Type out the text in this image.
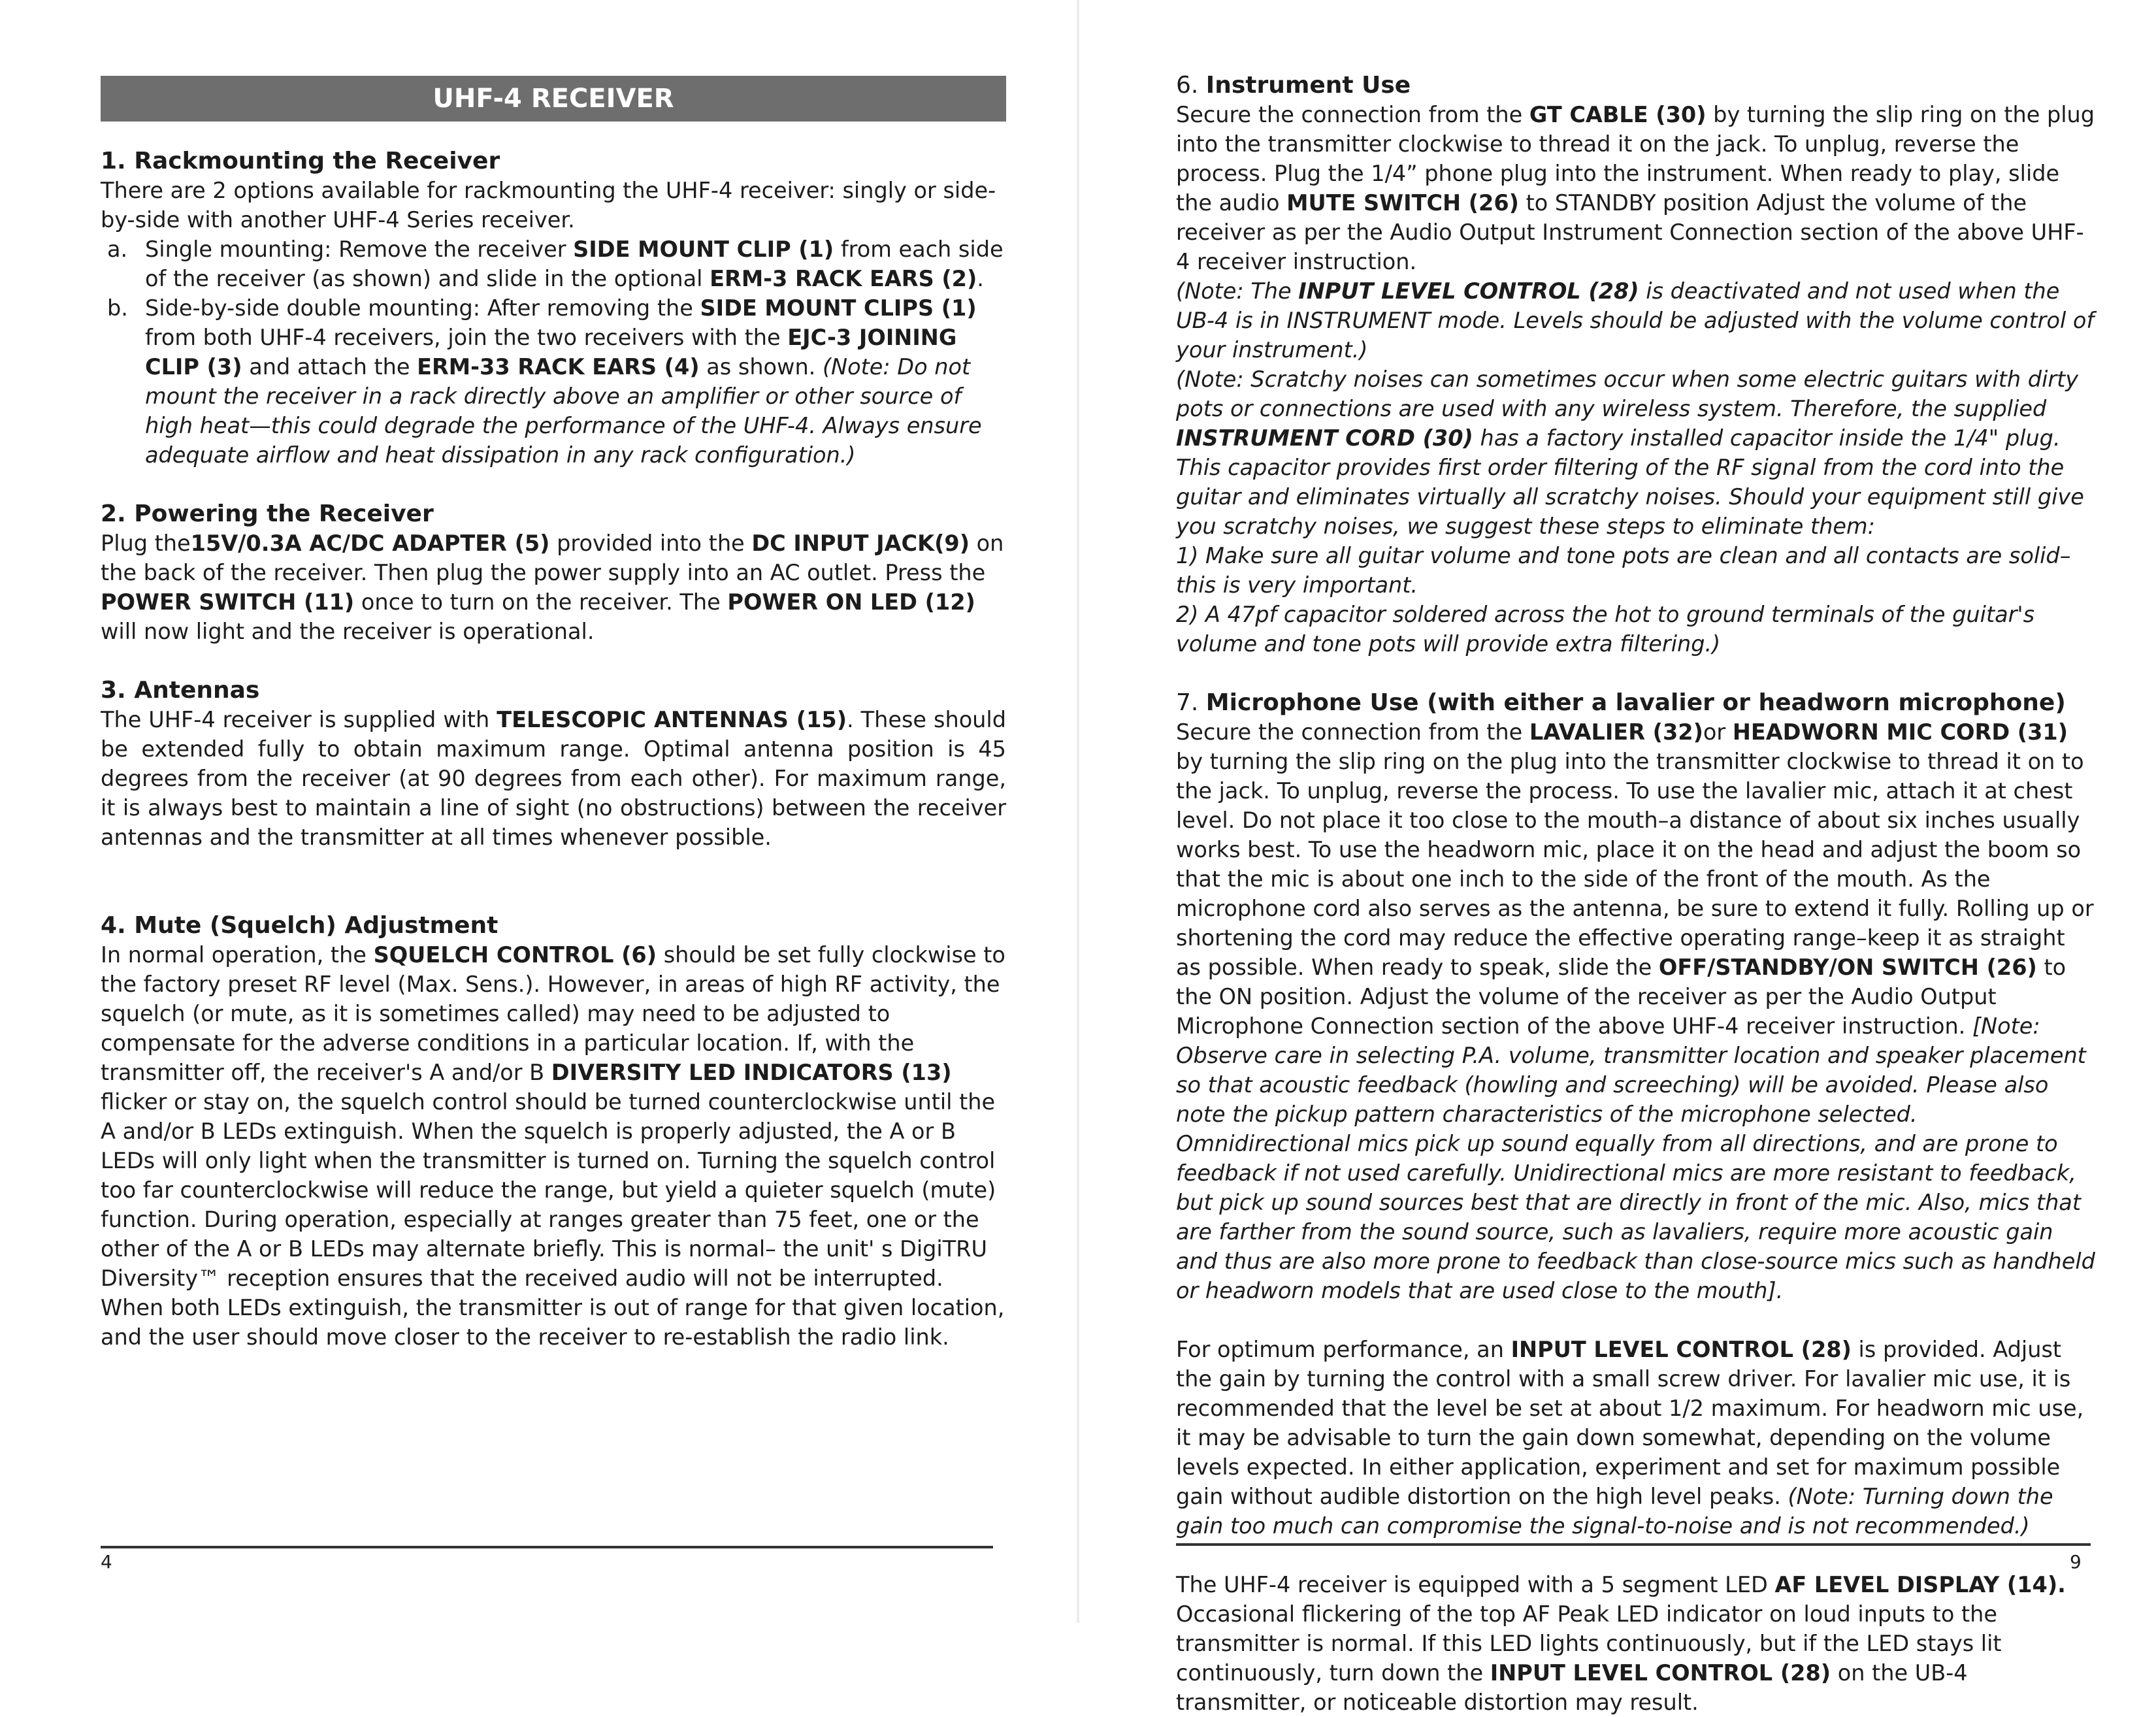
UHF-4 RECEIVER
1. Rackmounting the Receiver

There are 2 options available for rackmounting the UHF-4 receiver: singly or side-by-side with another UHF-4 Series receiver.

a. Single mounting: Remove the receiver SIDE MOUNT CLIP (1) from each side of the receiver (as shown) and slide in the optional ERM-3 RACK EARS (2).
b. Side-by-side double mounting: After removing the SIDE MOUNT CLIPS (1) from both UHF-4 receivers, join the two receivers with the EJC-3 JOINING CLIP (3) and attach the ERM-33 RACK EARS (4) as shown. (Note: Do not mount the receiver in a rack directly above an amplifier or other source of high heat—this could degrade the performance of the UHF-4. Always ensure adequate airflow and heat dissipation in any rack configuration.)
2. Powering the Receiver

Plug the15V/0.3A AC/DC ADAPTER (5) provided into the DC INPUT JACK(9) on the back of the receiver. Then plug the power supply into an AC outlet. Press the POWER SWITCH (11) once to turn on the receiver. The POWER ON LED (12) will now light and the receiver is operational.

3. Antennas

The UHF-4 receiver is supplied with TELESCOPIC ANTENNAS (15). These should be extended fully to obtain maximum range. Optimal antenna position is 45 degrees from the receiver (at 90 degrees from each other). For maximum range, it is always best to maintain a line of sight (no obstructions) between the receiver antennas and the transmitter at all times whenever possible.

4. Mute (Squelch) Adjustment

In normal operation, the SQUELCH CONTROL (6) should be set fully clockwise to the factory preset RF level (Max. Sens.). However, in areas of high RF activity, the squelch (or mute, as it is sometimes called) may need to be adjusted to compensate for the adverse conditions in a particular location. If, with the transmitter off, the receiver's A and/or B DIVERSITY LED INDICATORS (13) flicker or stay on, the squelch control should be turned counterclockwise until the A and/or B LEDs extinguish. When the squelch is properly adjusted, the A or B LEDs will only light when the transmitter is turned on. Turning the squelch control too far counterclockwise will reduce the range, but yield a quieter squelch (mute) function. During operation, especially at ranges greater than 75 feet, one or the other of the A or B LEDs may alternate briefly. This is normal– the unit' s DigiTRU Diversity™ reception ensures that the received audio will not be interrupted. When both LEDs extinguish, the transmitter is out of range for that given location, and the user should move closer to the receiver to re-establish the radio link.

4
6. Instrument Use

Secure the connection from the GT CABLE (30) by turning the slip ring on the plug into the transmitter clockwise to thread it on the jack. To unplug, reverse the process. Plug the 1/4” phone plug into the instrument. When ready to play, slide the audio MUTE SWITCH (26) to STANDBY position Adjust the volume of the receiver as per the Audio Output Instrument Connection section of the above UHF-4 receiver instruction.

(Note: The INPUT LEVEL CONTROL (28) is deactivated and not used when the UB-4 is in INSTRUMENT mode. Levels should be adjusted with the volume control of your instrument.)

(Note: Scratchy noises can sometimes occur when some electric guitars with dirty pots or connections are used with any wireless system. Therefore, the supplied INSTRUMENT CORD (30) has a factory installed capacitor inside the 1/4" plug. This capacitor provides first order filtering of the RF signal from the cord into the guitar and eliminates virtually all scratchy noises. Should your equipment still give you scratchy noises, we suggest these steps to eliminate them:

1) Make sure all guitar volume and tone pots are clean and all contacts are solid–this is very important.

2) A 47pf capacitor soldered across the hot to ground terminals of the guitar's volume and tone pots will provide extra filtering.)

7. Microphone Use (with either a lavalier or headworn microphone)

Secure the connection from the LAVALIER (32)or HEADWORN MIC CORD (31) by turning the slip ring on the plug into the transmitter clockwise to thread it on to the jack. To unplug, reverse the process. To use the lavalier mic, attach it at chest level. Do not place it too close to the mouth–a distance of about six inches usually works best. To use the headworn mic, place it on the head and adjust the boom so that the mic is about one inch to the side of the front of the mouth. As the microphone cord also serves as the antenna, be sure to extend it fully. Rolling up or shortening the cord may reduce the effective operating range–keep it as straight as possible. When ready to speak, slide the OFF/STANDBY/ON SWITCH (26) to the ON position. Adjust the volume of the receiver as per the Audio Output Microphone Connection section of the above UHF-4 receiver instruction. [Note: Observe care in selecting P.A. volume, transmitter location and speaker placement so that acoustic feedback (howling and screeching) will be avoided. Please also note the pickup pattern characteristics of the microphone selected. Omnidirectional mics pick up sound equally from all directions, and are prone to feedback if not used carefully. Unidirectional mics are more resistant to feedback, but pick up sound sources best that are directly in front of the mic. Also, mics that are farther from the sound source, such as lavaliers, require more acoustic gain and thus are also more prone to feedback than close-source mics such as handheld or headworn models that are used close to the mouth].

For optimum performance, an INPUT LEVEL CONTROL (28) is provided. Adjust the gain by turning the control with a small screw driver. For lavalier mic use, it is recommended that the level be set at about 1/2 maximum. For headworn mic use, it may be advisable to turn the gain down somewhat, depending on the volume levels expected. In either application, experiment and set for maximum possible gain without audible distortion on the high level peaks. (Note: Turning down the gain too much can compromise the signal-to-noise and is not recommended.)

The UHF-4 receiver is equipped with a 5 segment LED AF LEVEL DISPLAY (14). Occasional flickering of the top AF Peak LED indicator on loud inputs to the transmitter is normal. If this LED lights continuously, but if the LED stays lit continuously, turn down the INPUT LEVEL CONTROL (28) on the UB-4 transmitter, or noticeable distortion may result.

9
